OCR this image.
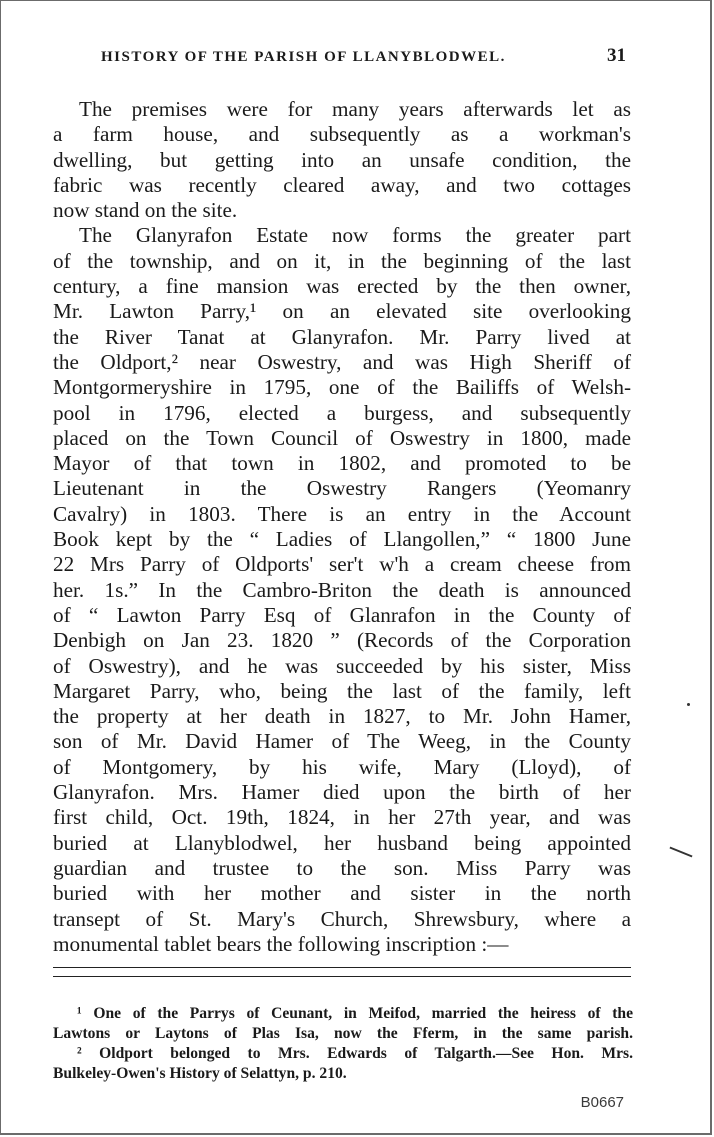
HISTORY OF THE PARISH OF LLANYBLODWEL.	31
The premises were for many years afterwards let as
a farm house, and subsequently as a workman's
dwelling, but getting into an unsafe condition, the
fabric was recently cleared away, and two cottages
now stand on the site.
The Glanyrafon Estate now forms the greater part
of the township, and on it, in the beginning of the last
century, a fine mansion was erected by the then owner,
Mr. Lawton Parry,¹ on an elevated site overlooking
the River Tanat at Glanyrafon. Mr. Parry lived at
the Oldport,² near Oswestry, and was High Sheriff of
Montgormeryshire in 1795, one of the Bailiffs of Welsh-
pool in 1796, elected a burgess, and subsequently
placed on the Town Council of Oswestry in 1800, made
Mayor of that town in 1802, and promoted to be
Lieutenant in the Oswestry Rangers (Yeomanry
Cavalry) in 1803. There is an entry in the Account
Book kept by the “ Ladies of Llangollen,” “ 1800 June
22 Mrs Parry of Oldports' ser't w'h a cream cheese from
her. 1s.” In the Cambro-Briton the death is announced
of “ Lawton Parry Esq of Glanrafon in the County of
Denbigh on Jan 23. 1820 ” (Records of the Corporation
of Oswestry), and he was succeeded by his sister, Miss
Margaret Parry, who, being the last of the family, left
the property at her death in 1827, to Mr. John Hamer,
son of Mr. David Hamer of The Weeg, in the County
of Montgomery, by his wife, Mary (Lloyd), of
Glanyrafon. Mrs. Hamer died upon the birth of her
first child, Oct. 19th, 1824, in her 27th year, and was
buried at Llanyblodwel, her husband being appointed
guardian and trustee to the son. Miss Parry was
buried with her mother and sister in the north
transept of St. Mary's Church, Shrewsbury, where a
monumental tablet bears the following inscription :—
¹ One of the Parrys of Ceunant, in Meifod, married the heiress of the
Lawtons or Laytons of Plas Isa, now the Fferm, in the same parish.
² Oldport belonged to Mrs. Edwards of Talgarth.—See Hon. Mrs.
Bulkeley-Owen's History of Selattyn, p. 210.
B0667
